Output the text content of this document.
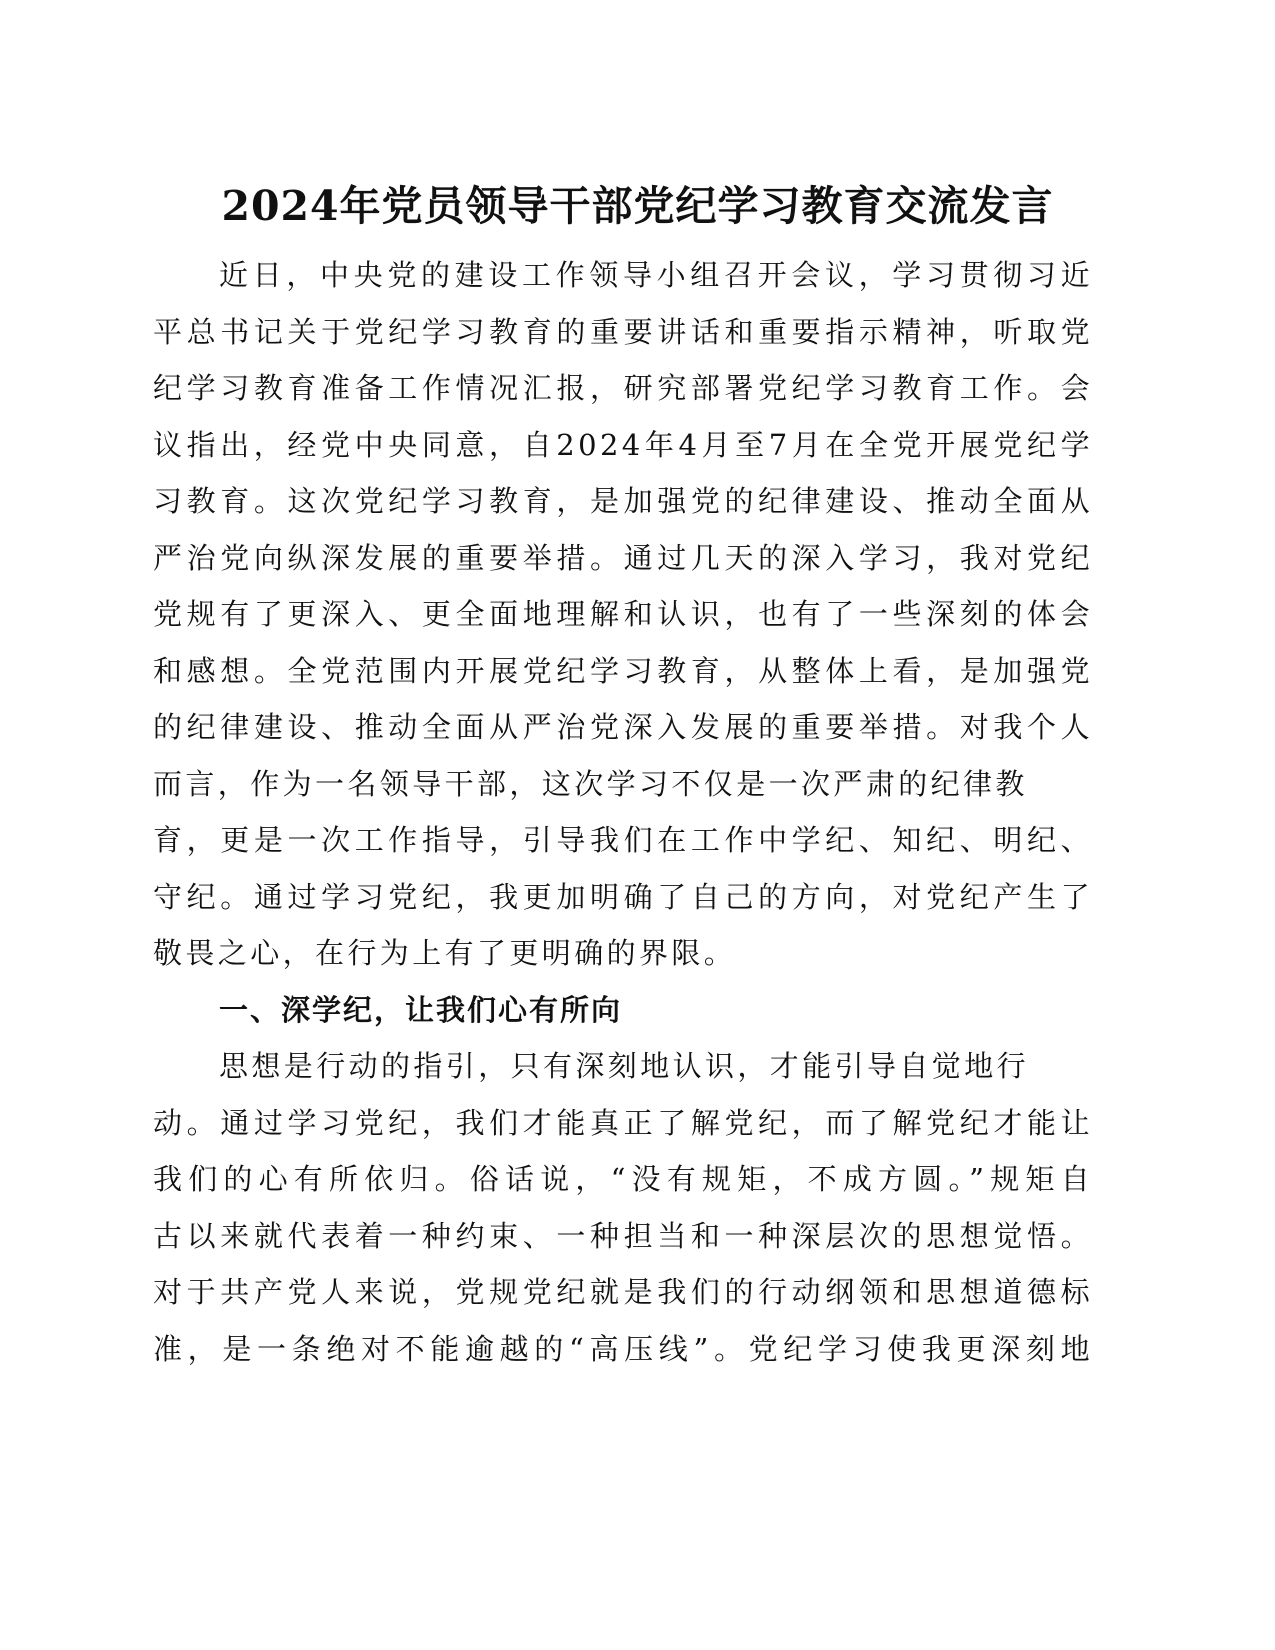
2024年党员领导干部党纪学习教育交流发言
近日，中央党的建设工作领导小组召开会议，学习贯彻习近
平总书记关于党纪学习教育的重要讲话和重要指示精神，听取党
纪学习教育准备工作情况汇报，研究部署党纪学习教育工作。会
议指出，经党中央同意，自2024年4月至7月在全党开展党纪学
习教育。这次党纪学习教育，是加强党的纪律建设、推动全面从
严治党向纵深发展的重要举措。通过几天的深入学习，我对党纪
党规有了更深入、更全面地理解和认识，也有了一些深刻的体会
和感想。全党范围内开展党纪学习教育，从整体上看，是加强党
的纪律建设、推动全面从严治党深入发展的重要举措。对我个人
而言，作为一名领导干部，这次学习不仅是一次严肃的纪律教
育，更是一次工作指导，引导我们在工作中学纪、知纪、明纪、
守纪。通过学习党纪，我更加明确了自己的方向，对党纪产生了
敬畏之心，在行为上有了更明确的界限。
一、深学纪，让我们心有所向
思想是行动的指引，只有深刻地认识，才能引导自觉地行
动。通过学习党纪，我们才能真正了解党纪，而了解党纪才能让
我们的心有所依归。俗话说，“没有规矩，不成方圆。”规矩自
古以来就代表着一种约束、一种担当和一种深层次的思想觉悟。
对于共产党人来说，党规党纪就是我们的行动纲领和思想道德标
准，是一条绝对不能逾越的“高压线”。党纪学习使我更深刻地
